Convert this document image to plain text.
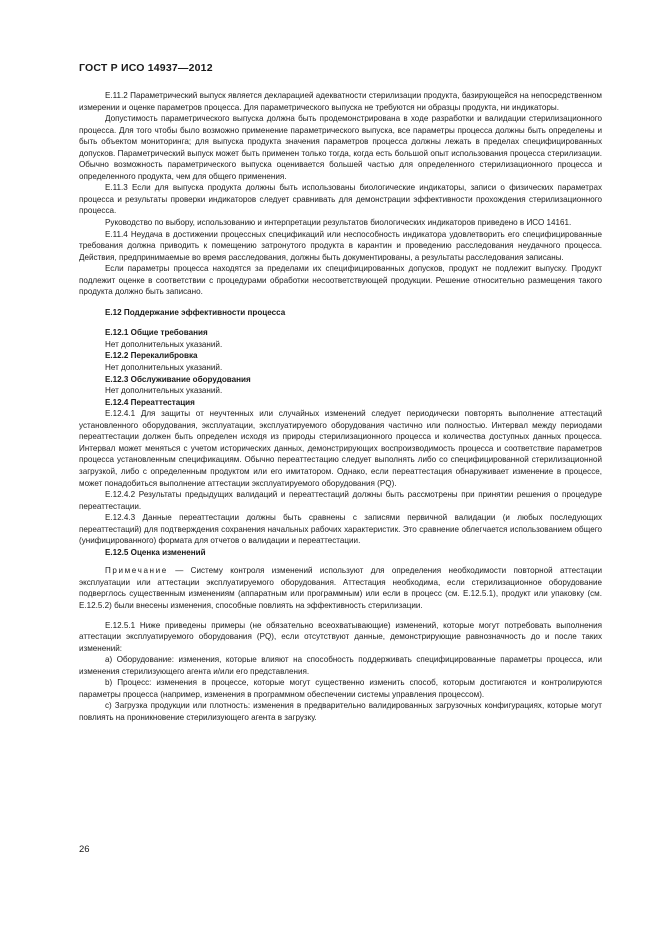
ГОСТ Р ИСО 14937—2012

Е.11.2 Параметрический выпуск является декларацией адекватности стерилизации продукта, базирующейся на непосредственном измерении и оценке параметров процесса. Для параметрического выпуска не требуются ни образцы продукта, ни индикаторы.

Допустимость параметрического выпуска должна быть продемонстрирована в ходе разработки и валидации стерилизационного процесса. Для того чтобы было возможно применение параметрического выпуска, все параметры процесса должны быть определены и быть объектом мониторинга; для выпуска продукта значения параметров процесса должны лежать в пределах специфицированных допусков. Параметрический выпуск может быть применен только тогда, когда есть большой опыт использования процесса стерилизации. Обычно возможность параметрического выпуска оценивается большей частью для определенного стерилизационного процесса и определенного продукта, чем для общего применения.

Е.11.3 Если для выпуска продукта должны быть использованы биологические индикаторы, записи о физических параметрах процесса и результаты проверки индикаторов следует сравнивать для демонстрации эффективности прохождения стерилизационного процесса.

Руководство по выбору, использованию и интерпретации результатов биологических индикаторов приведено в ИСО 14161.

Е.11.4 Неудача в достижении процессных спецификаций или неспособность индикатора удовлетворить его специфицированные требования должна приводить к помещению затронутого продукта в карантин и проведению расследования неудачного процесса. Действия, предпринимаемые во время расследования, должны быть документированы, а результаты расследования записаны.

Если параметры процесса находятся за пределами их специфицированных допусков, продукт не подлежит выпуску. Продукт подлежит оценке в соответствии с процедурами обработки несоответствующей продукции. Решение относительно размещения такого продукта должно быть записано.

Е.12 Поддержание эффективности процесса
Е.12.1 Общие требования

Нет дополнительных указаний.

Е.12.2 Перекалибровка

Нет дополнительных указаний.

Е.12.3 Обслуживание оборудования

Нет дополнительных указаний.

Е.12.4 Переаттестация

Е.12.4.1 Для защиты от неучтенных или случайных изменений следует периодически повторять выполнение аттестаций установленного оборудования, эксплуатации, эксплуатируемого оборудования частично или полностью. Интервал между периодами переаттестации должен быть определен исходя из природы стерилизационного процесса и количества доступных данных процесса. Интервал может меняться с учетом исторических данных, демонстрирующих воспроизводимость процесса и соответствие параметров процесса установленным спецификациям. Обычно переаттестацию следует выполнять либо со специфицированной стерилизационной загрузкой, либо с определенным продуктом или его имитатором. Однако, если переаттестация обнаруживает изменение в процессе, может понадобиться выполнение аттестации эксплуатируемого оборудования (PQ).

Е.12.4.2 Результаты предыдущих валидаций и переаттестаций должны быть рассмотрены при принятии решения о процедуре переаттестации.

Е.12.4.3 Данные переаттестации должны быть сравнены с записями первичной валидации (и любых последующих переаттестаций) для подтверждения сохранения начальных рабочих характеристик. Это сравнение облегчается использованием общего (унифицированного) формата для отчетов о валидации и переаттестации.

Е.12.5 Оценка изменений

Примечание — Систему контроля изменений используют для определения необходимости повторной аттестации эксплуатации или аттестации эксплуатируемого оборудования. Аттестация необходима, если стерилизационное оборудование подверглось существенным изменениям (аппаратным или программным) или если в процесс (см. Е.12.5.1), продукт или упаковку (см. Е.12.5.2) были внесены изменения, способные повлиять на эффективность стерилизации.

Е.12.5.1 Ниже приведены примеры (не обязательно всеохватывающие) изменений, которые могут потребовать выполнения аттестации эксплуатируемого оборудования (PQ), если отсутствуют данные, демонстрирующие равнозначность до и после таких изменений:

a) Оборудование: изменения, которые влияют на способность поддерживать специфицированные параметры процесса, или изменения стерилизующего агента и/или его представления.

b) Процесс: изменения в процессе, которые могут существенно изменить способ, которым достигаются и контролируются параметры процесса (например, изменения в программном обеспечении системы управления процессом).

c) Загрузка продукции или плотность: изменения в предварительно валидированных загрузочных конфигурациях, которые могут повлиять на проникновение стерилизующего агента в загрузку.

26
